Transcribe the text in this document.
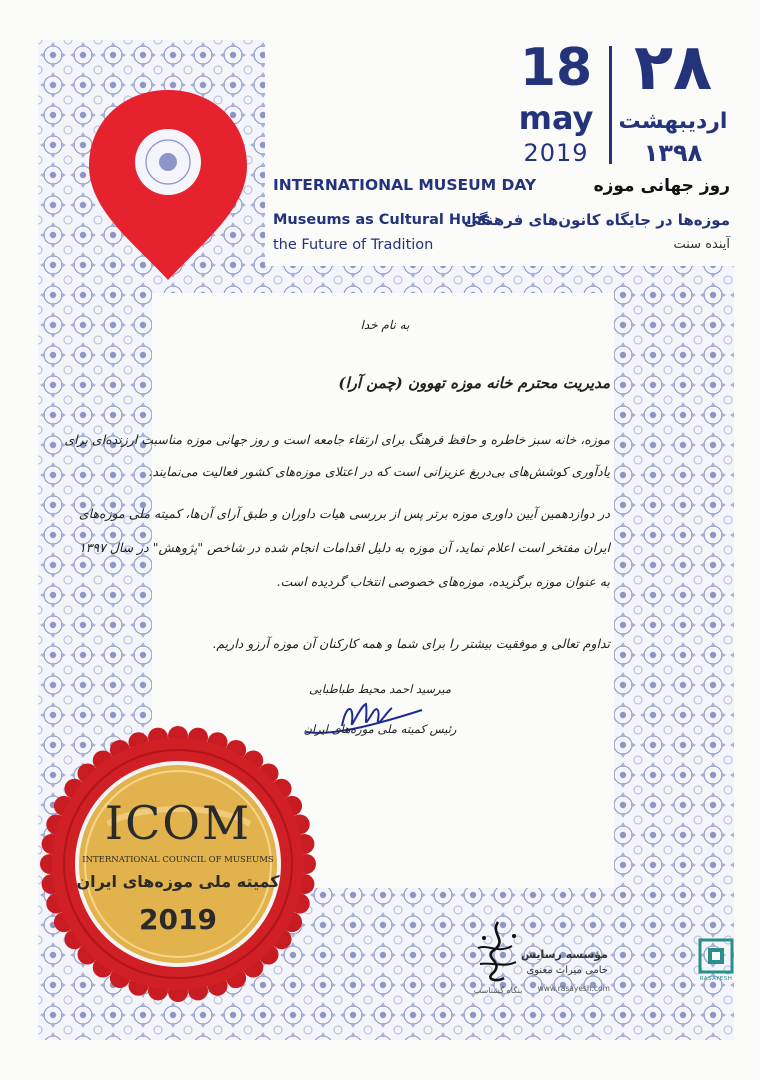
18
may
2019
۲۸
اردیبهشت
۱۳۹۸
INTERNATIONAL MUSEUM DAY	روز جهانی موزه
Museums as Cultural Hubs
موزه‌ها در جایگاه کانون‌های فرهنگی
the Future of Tradition	آینده سنت
به نام خدا
مدیریت محترم خانه موزه تهوون (چمن آرا)
موزه، خانه سبز خاطره و حافظ فرهنگ برای ارتقاء جامعه است و روز جهانی موزه مناسبت ارزنده‌ای برای
یادآوری کوشش‌های بی‌دریغ عزیزانی است که در اعتلای موزه‌های کشور فعالیت می‌نمایند.
در دوازدهمین آیین داوری موزه برتر پس از بررسی هیات داوران و طبق آرای آن‌ها، کمیته ملی موزه‌های
ایران مفتخر است اعلام نماید، آن موزه به دلیل اقدامات انجام شده در شاخص "پژوهش" در سال ۱۳۹۷
به عنوان موزه برگزیده، موزه‌های خصوصی انتخاب گردیده است.
تداوم تعالی و موفقیت بیشتر را برای شما و همه کارکنان آن موزه آرزو داریم.
میرسید احمد محیط طباطبایی
رئیس کمیته ملی موزه‌های ایران
ICOM
INTERNATIONAL COUNCIL OF MUSEUMS
کمیته ملی موزه‌های ایران
2019
بنگاه گشتاسب
مؤسسه رسایش
حامی میراث معنوی
www.rasayesh.com
RASAYESH
